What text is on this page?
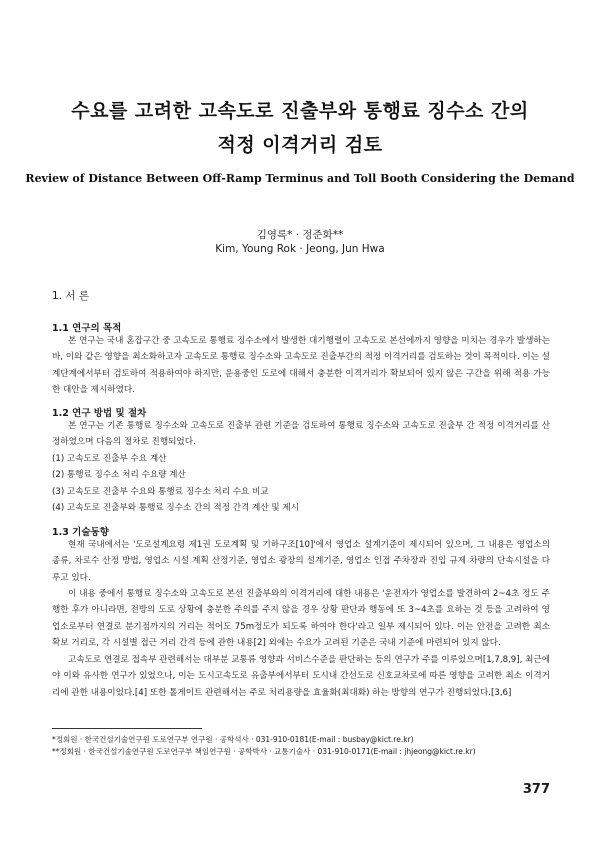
수요를 고려한 고속도로 진출부와 통행료 징수소 간의
적정 이격거리 검토
Review of Distance Between Off-Ramp Terminus and Toll Booth Considering the Demand
김영록* · 정준화**
Kim, Young Rok · Jeong, Jun Hwa
1. 서 론
1.1 연구의 목적
본 연구는 국내 혼잡구간 중 고속도로 통행료 징수소에서 발생한 대기행렬이 고속도로 본선에까지 영향을 미치는 경우가 발생하는 바, 이와 같은 영향을 최소화하고자 고속도로 통행료 징수소와 고속도로 진출부간의 적정 이격거리를 검토하는 것이 목적이다. 이는 설계단계에서부터 검토하여 적용하여야 하지만, 운용중인 도로에 대해서 충분한 이격거리가 확보되어 있지 않은 구간을 위해 적용 가능한 대안을 제시하였다.
1.2 연구 방법 및 절차
본 연구는 기존 통행료 징수소와 고속도로 진출부 관련 기준을 검토하여 통행료 징수소와 고속도로 진출부 간 적정 이격거리를 산정하였으며 다음의 절차로 진행되었다.
(1) 고속도로 진출부 수요 계산
(2) 통행료 징수소 처리 수요량 계산
(3) 고속도로 진출부 수요와 통행료 징수소 처리 수요 비교
(4) 고속도로 진출부와 통행료 징수소 간의 적정 간격 계산 및 제시
1.3 기술동향
현재 국내에서는 '도로설계요령 제1권 도로계획 및 기하구조[10]'에서 영업소 설계기준이 제시되어 있으며, 그 내용은 영업소의 종류, 차로수 산정 방법, 영업소 시설 계획 산정기준, 영업소 광장의 설계기준, 영업소 인접 주차장과 진입 규제 차량의 단속시설을 다루고 있다.
이 내용 중에서 통행료 징수소와 고속도로 본선 진출부와의 이격거리에 대한 내용은 '운전자가 영업소를 발견하여 2~4초 정도 주행한 후가 아니라면, 전방의 도로 상황에 충분한 주의를 주지 않을 경우 상황 판단과 행동에 또 3~4초를 요하는 것 등을 고려하여 영업소로부터 연결로 분기점까지의 거리는 적어도 75m정도가 되도록 하여야 한다'라고 일부 제시되어 있다. 이는 안전을 고려한 최소 확보 거리로, 각 시설별 접근 거리 간격 등에 관한 내용[2] 외에는 수요가 고려된 기준은 국내 기준에 마련되어 있지 않다.
고속도로 연결로 접속부 관련해서는 대부분 교통류 영향과 서비스수준을 판단하는 등의 연구가 주를 이루었으며[1,7,8,9], 최근에야 이와 유사한 연구가 있었으나, 이는 도시고속도로 유출부에서부터 도시내 간선도로 신호교차로에 따른 영향을 고려한 최소 이격거리에 관한 내용이었다.[4] 또한 톨게이트 관련해서는 주로 처리용량을 효율화(최대화) 하는 방향의 연구가 진행되었다.[3,6]
*정회원 · 한국건설기술연구원 도로연구부 연구원 · 공학석사 · 031-910-0181(E-mail : busbay@kict.re.kr)
**정회원 · 한국건설기술연구원 도로연구부 책임연구원 · 공학박사 · 교통기술사 · 031-910-0171(E-mail : jhjeong@kict.re.kr)
377
